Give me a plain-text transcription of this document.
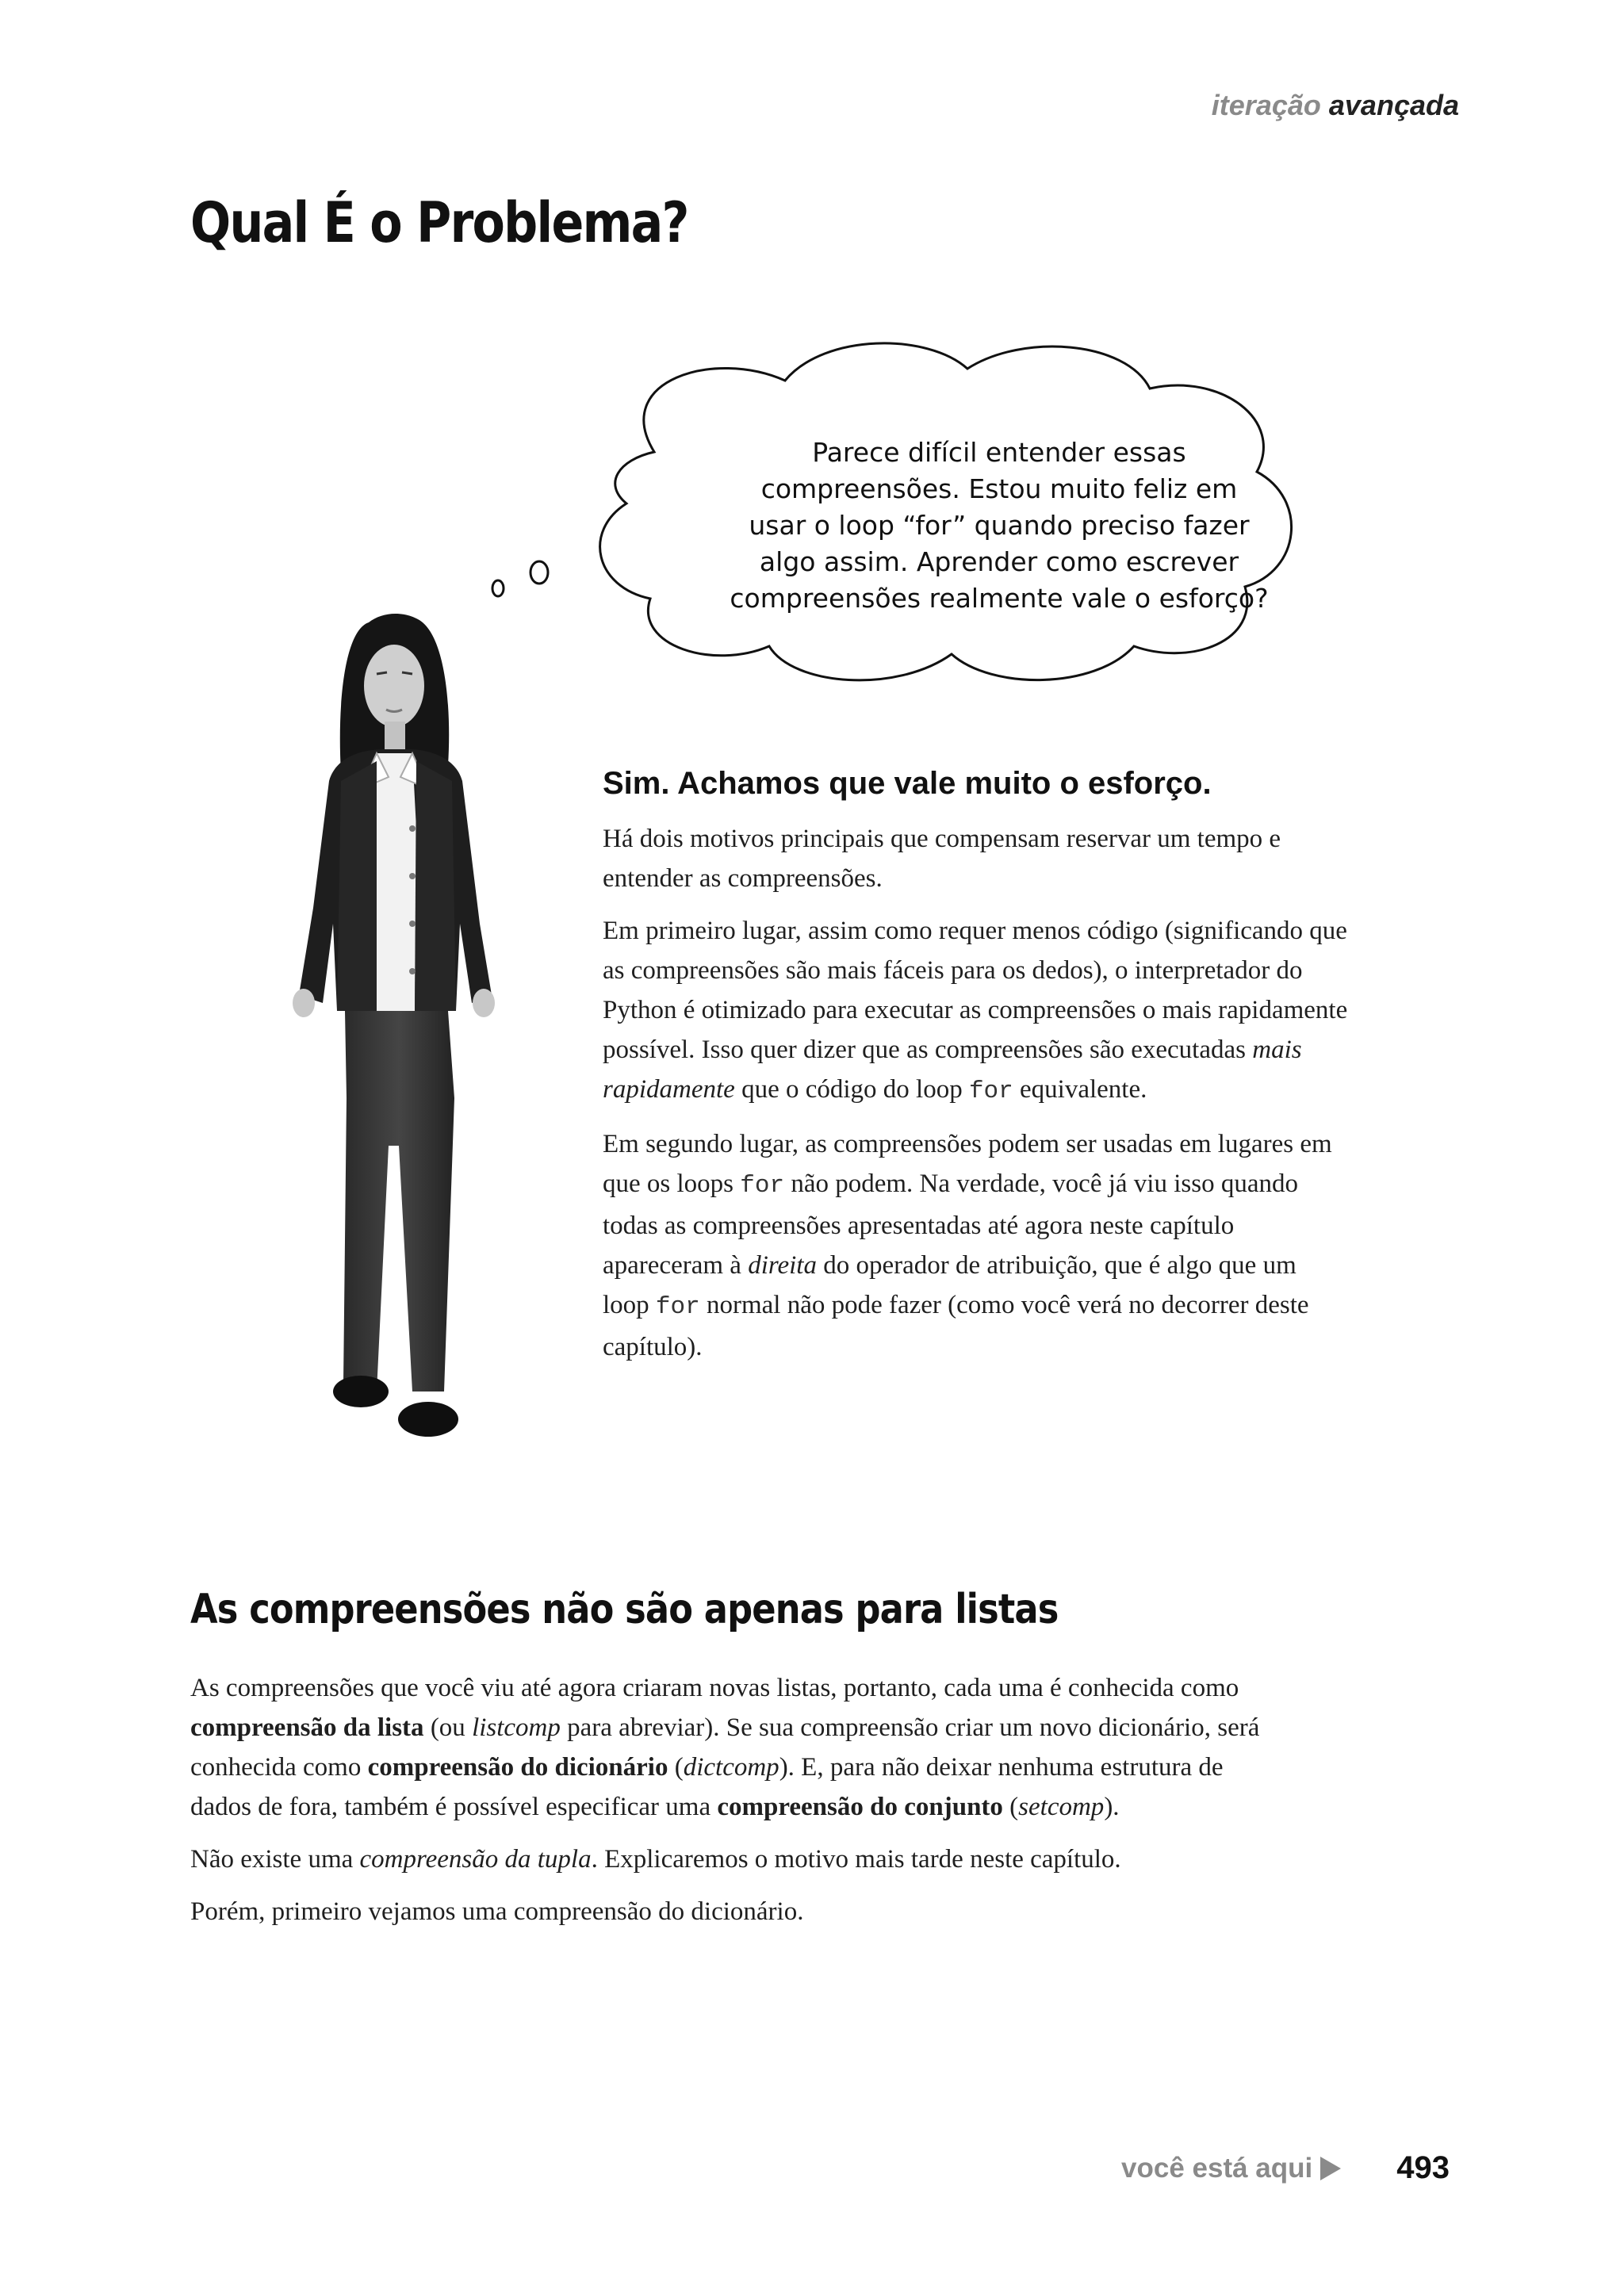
iteração avançada
Qual É o Problema?
Parece difícil entender essas
compreensões. Estou muito feliz em
usar o loop “for” quando preciso fazer
algo assim. Aprender como escrever
compreensões realmente vale o esforço?
Sim. Achamos que vale muito o esforço.

Há dois motivos principais que compensam reservar um tempo e entender as compreensões.

Em primeiro lugar, assim como requer menos código (significando que as compreensões são mais fáceis para os dedos), o interpretador do Python é otimizado para executar as compreensões o mais rapidamente possível. Isso quer dizer que as compreensões são executadas mais rapidamente que o código do loop for equivalente.

Em segundo lugar, as compreensões podem ser usadas em lugares em que os loops for não podem. Na verdade, você já viu isso quando todas as compreensões apresentadas até agora neste capítulo apareceram à direita do operador de atribuição, que é algo que um loop for normal não pode fazer (como você verá no decorrer deste capítulo).

As compreensões não são apenas para listas

As compreensões que você viu até agora criaram novas listas, portanto, cada uma é conhecida como compreensão da lista (ou listcomp para abreviar). Se sua compreensão criar um novo dicionário, será conhecida como compreensão do dicionário (dictcomp). E, para não deixar nenhuma estrutura de dados de fora, também é possível especificar uma compreensão do conjunto (setcomp).

Não existe uma compreensão da tupla. Explicaremos o motivo mais tarde neste capítulo.

Porém, primeiro vejamos uma compreensão do dicionário.

você está aqui	493
